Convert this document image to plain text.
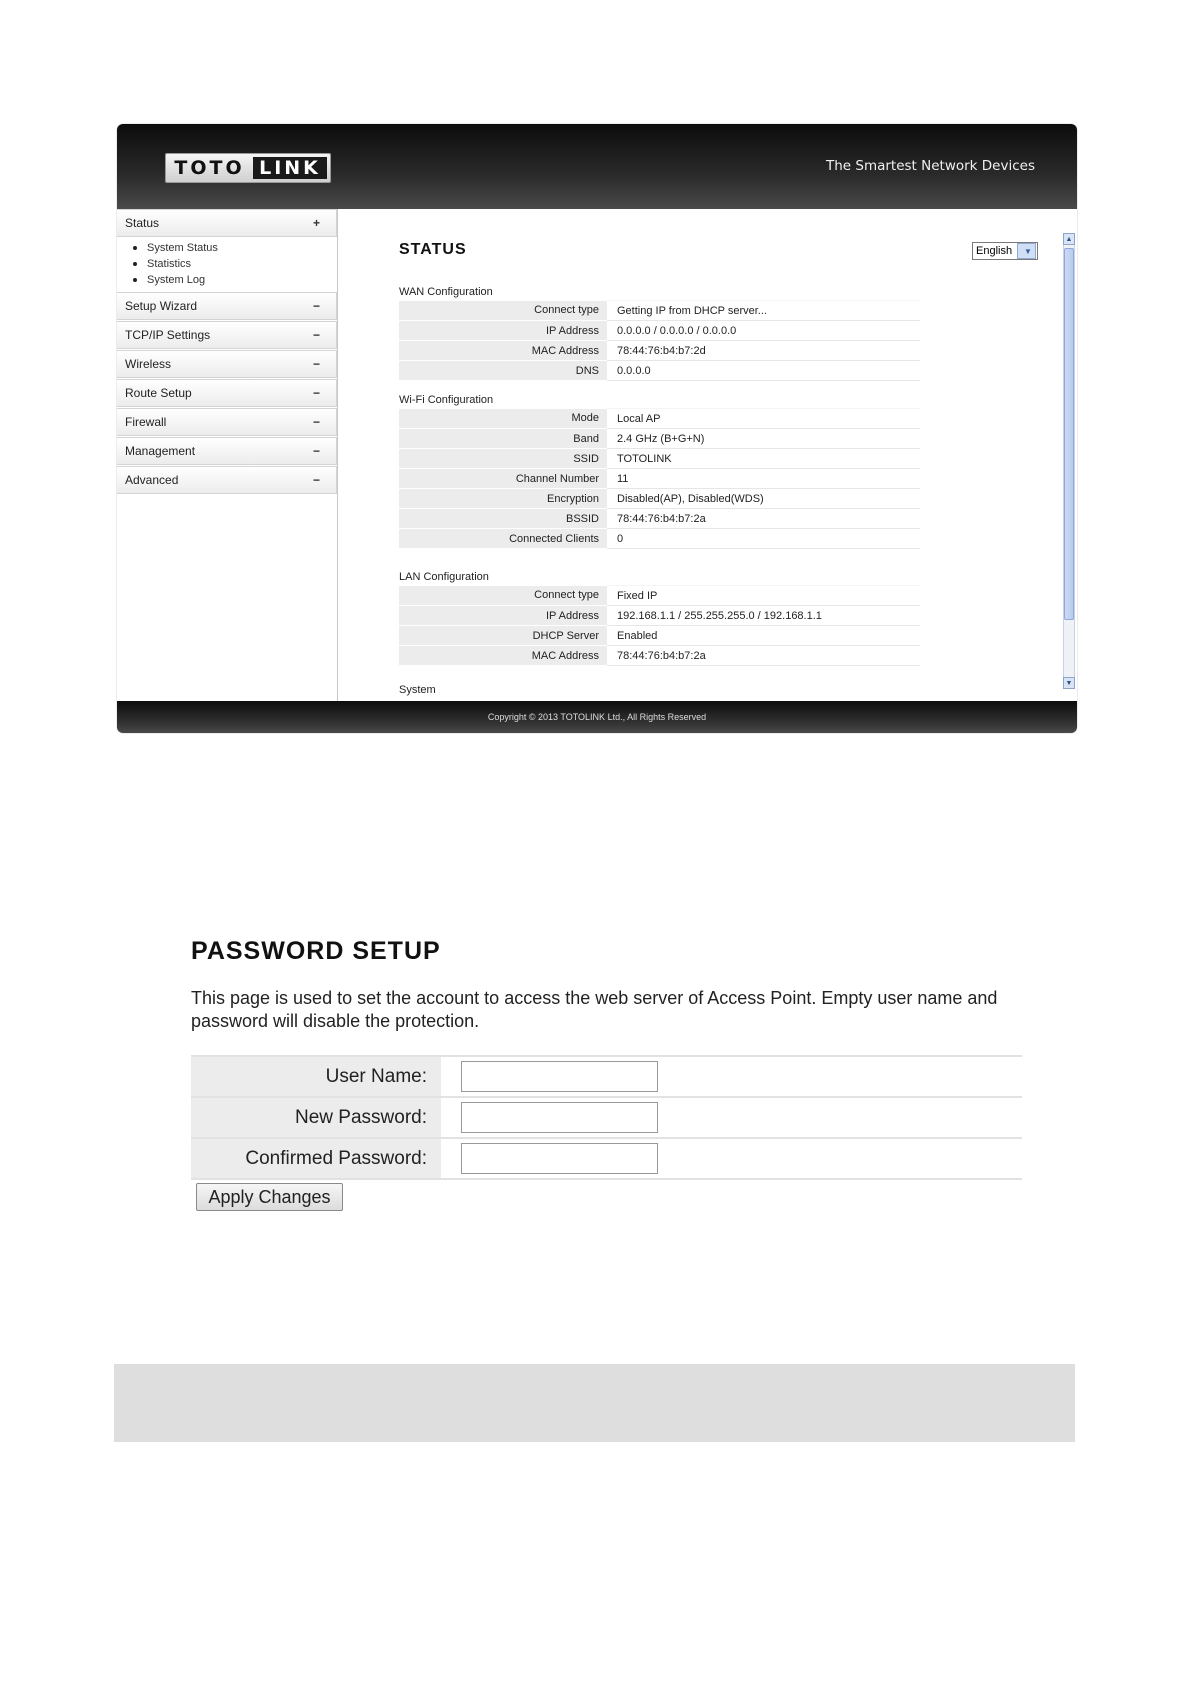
TOTO LINK	The Smartest Network Devices
Status	+
System Status
Statistics
System Log
Setup Wizard	−
TCP/IP Settings	−
Wireless	−
Route Setup	−
Firewall	−
Management	−
Advanced	−
STATUS	English	▼
WAN Configuration
Connect type	Getting IP from DHCP server...
IP Address	0.0.0.0 / 0.0.0.0 / 0.0.0.0
MAC Address	78:44:76:b4:b7:2d
DNS	0.0.0.0
Wi-Fi Configuration
Mode	Local AP
Band	2.4 GHz (B+G+N)
SSID	TOTOLINK
Channel Number	11
Encryption	Disabled(AP), Disabled(WDS)
BSSID	78:44:76:b4:b7:2a
Connected Clients	0
LAN Configuration
Connect type	Fixed IP
IP Address	192.168.1.1 / 255.255.255.0 / 192.168.1.1
DHCP Server	Enabled
MAC Address	78:44:76:b4:b7:2a
System
▲
▼
Copyright © 2013 TOTOLINK Ltd., All Rights Reserved
PASSWORD SETUP

This page is used to set the account to access the web server of Access Point. Empty user name and password will disable the protection.

User Name:	

New Password:	

Confirmed Password:	
Apply Changes
